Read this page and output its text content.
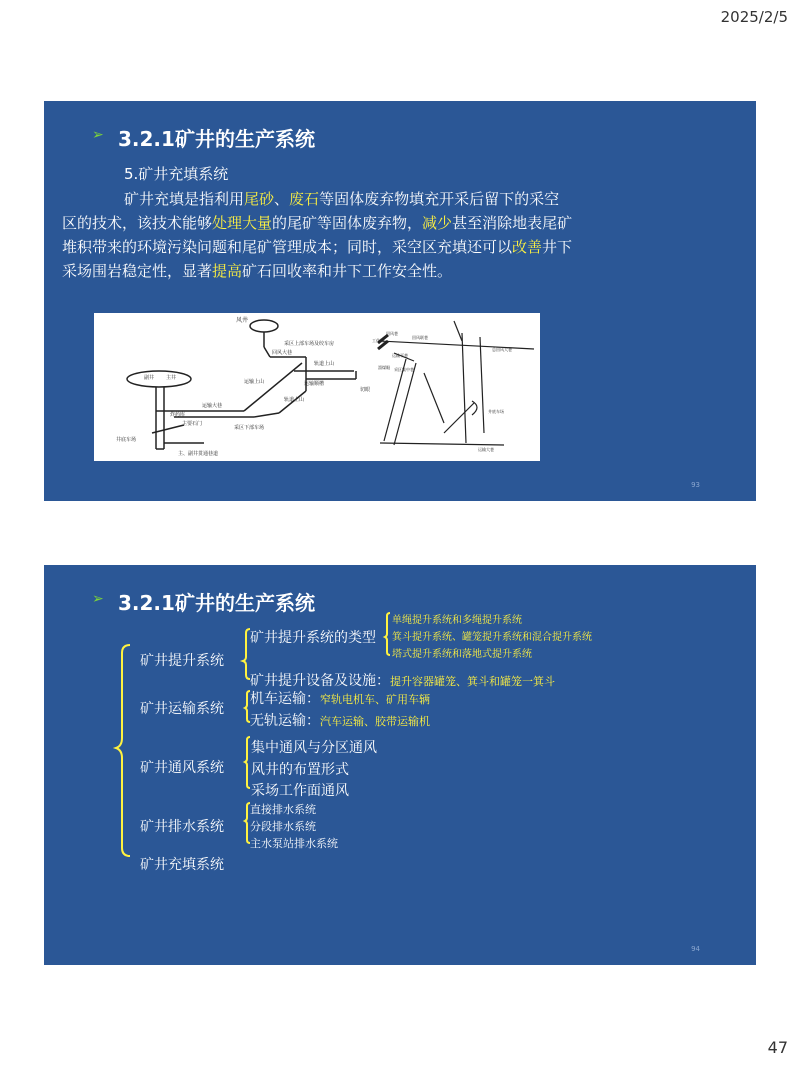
2025/2/5
➢ 3.2.1矿井的生产系统
5.矿井充填系统
矿井充填是指利用尾砂、废石等固体废弃物填充开采后留下的采空区的技术，该技术能够处理大量的尾矿等固体废弃物，减少甚至消除地表尾矿堆积带来的环境污染问题和尾矿管理成本；同时，采空区充填还可以改善井下采场围岩稳定性，显著提高矿石回收率和井下工作安全性。
风井
采区上部车场及绞车房
回风大巷
轨道上山
运输顺槽
切眼
运输上山
轨道上山
副井 主井
运输大巷
炸药库
主要石门
采区下部车场
井底车场
主、副井贯通巷道
回风巷
回风联巷
工作面
运输平巷
总回风大巷
溜煤眼
井底车场
运输大巷
采区集中巷
93
➢ 3.2.1矿井的生产系统
矿井提升系统
矿井运输系统
矿井通风系统
矿井排水系统
矿井充填系统
矿井提升系统的类型
单绳提升系统和多绳提升系统
箕斗提升系统、罐笼提升系统和混合提升系统
塔式提升系统和落地式提升系统
矿井提升设备及设施：提升容器罐笼、箕斗和罐笼一箕斗
机车运输：窄轨电机车、矿用车辆
无轨运输：汽车运输、胶带运输机
集中通风与分区通风
风井的布置形式
采场工作面通风
直接排水系统
分段排水系统
主水泵站排水系统
94
47
